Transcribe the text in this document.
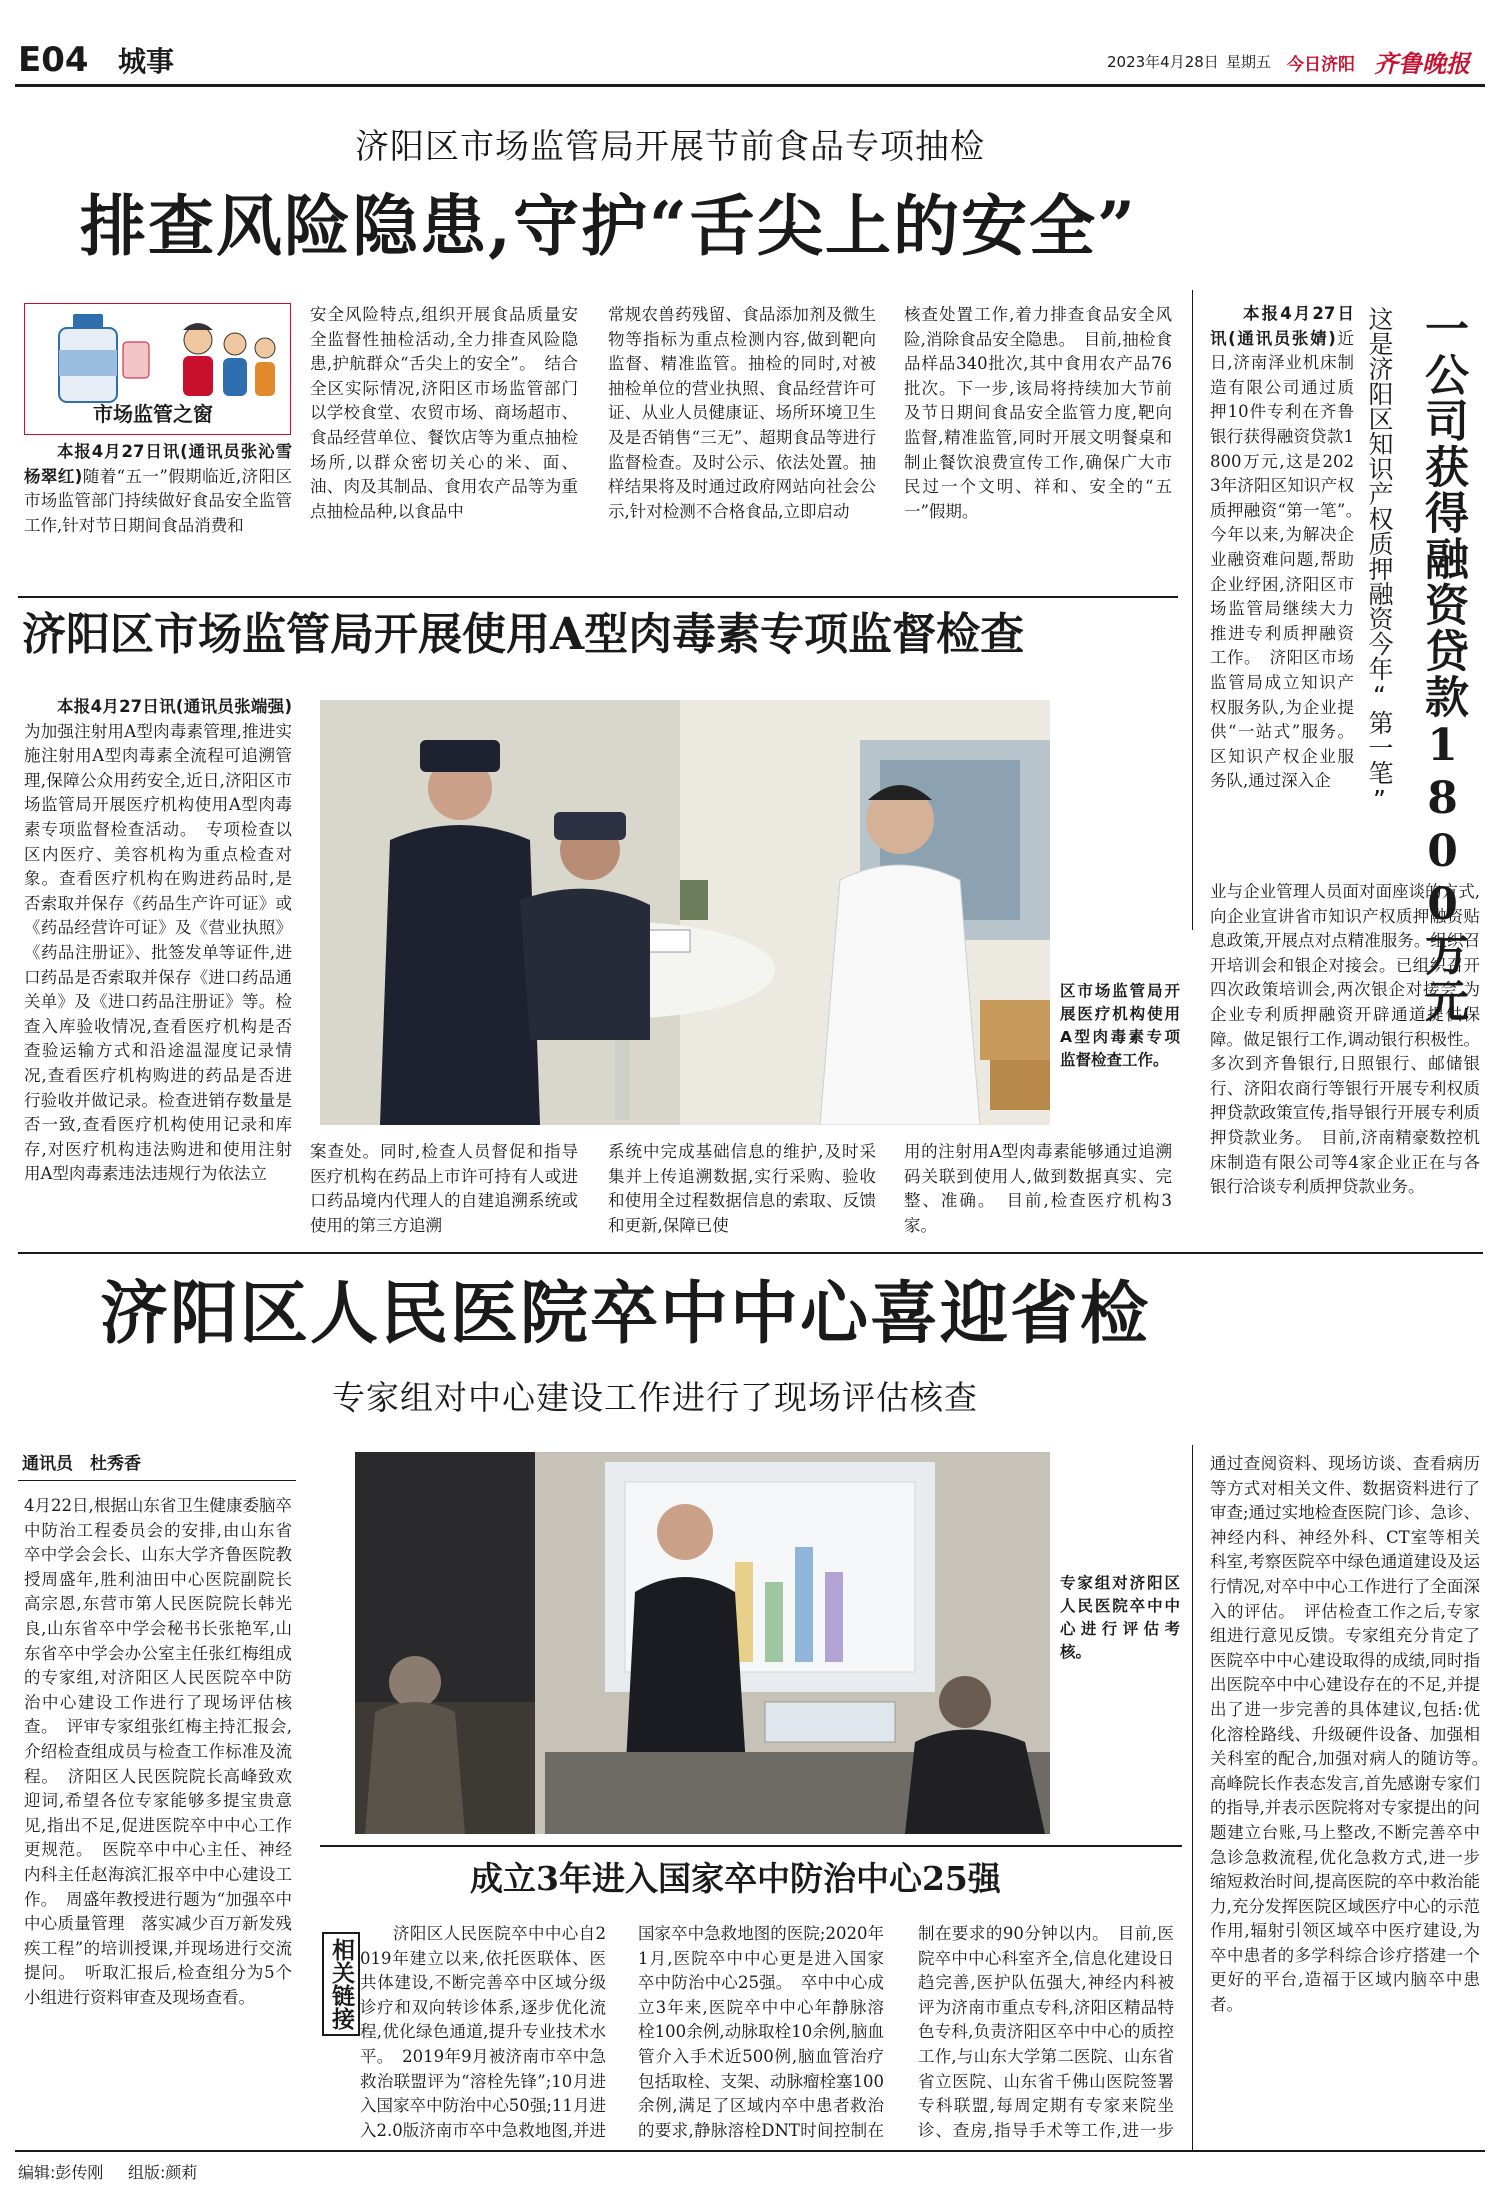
E04 城事	2023年4月28日 星期五 今日济阳 齐鲁晚报
济阳区市场监管局开展节前食品专项抽检
排查风险隐患,守护“舌尖上的安全”
市场监管之窗

本报4月27日讯(通讯员张沁雪 杨翠红)随着“五一”假期临近,济阳区市场监管部门持续做好食品安全监管工作,针对节日期间食品消费和

安全风险特点,组织开展食品质量安全监督性抽检活动,全力排查风险隐患,护航群众“舌尖上的安全”。　结合全区实际情况,济阳区市场监管部门以学校食堂、农贸市场、商场超市、食品经营单位、餐饮店等为重点抽检场所,以群众密切关心的米、面、油、肉及其制品、食用农产品等为重点抽检品种,以食品中

常规农兽药残留、食品添加剂及微生物等指标为重点检测内容,做到靶向监督、精准监管。抽检的同时,对被抽检单位的营业执照、食品经营许可证、从业人员健康证、场所环境卫生及是否销售“三无”、超期食品等进行监督检查。及时公示、依法处置。抽样结果将及时通过政府网站向社会公示,针对检测不合格食品,立即启动

核查处置工作,着力排查食品安全风险,消除食品安全隐患。　目前,抽检食品样品340批次,其中食用农产品76批次。下一步,该局将持续加大节前及节日期间食品安全监管力度,靶向监督,精准监管,同时开展文明餐桌和制止餐饮浪费宣传工作,确保广大市民过一个文明、祥和、安全的“五一”假期。	一公司获得融资贷款1800万元
这是济阳区知识产权质押融资今年“第一笔”

本报4月27日讯(通讯员张婧)近日,济南泽业机床制造有限公司通过质押10件专利在齐鲁银行获得融资贷款1800万元,这是2023年济阳区知识产权质押融资“第一笔”。　今年以来,为解决企业融资难问题,帮助企业纾困,济阳区市场监管局继续大力推进专利质押融资工作。　济阳区市场监管局成立知识产权服务队,为企业提供“一站式”服务。区知识产权企业服务队,通过深入企

业与企业管理人员面对面座谈的方式,向企业宣讲省市知识产权质押融资贴息政策,开展点对点精准服务。组织召开培训会和银企对接会。已组织召开四次政策培训会,两次银企对接会,为企业专利质押融资开辟通道提供保障。做足银行工作,调动银行积极性。多次到齐鲁银行,日照银行、邮储银行、济阳农商行等银行开展专利权质押贷款政策宣传,指导银行开展专利质押贷款业务。　目前,济南精豪数控机床制造有限公司等4家企业正在与各银行洽谈专利质押贷款业务。

济阳区市场监管局开展使用A型肉毒素专项监督检查

本报4月27日讯(通讯员张端强)为加强注射用A型肉毒素管理,推进实施注射用A型肉毒素全流程可追溯管理,保障公众用药安全,近日,济阳区市场监管局开展医疗机构使用A型肉毒素专项监督检查活动。　专项检查以区内医疗、美容机构为重点检查对象。查看医疗机构在购进药品时,是否索取并保存《药品生产许可证》或《药品经营许可证》及《营业执照》《药品注册证》、批签发单等证件,进口药品是否索取并保存《进口药品通关单》及《进口药品注册证》等。检查入库验收情况,查看医疗机构是否查验运输方式和沿途温湿度记录情况,查看医疗机构购进的药品是否进行验收并做记录。检查进销存数量是否一致,查看医疗机构使用记录和库存,对医疗机构违法购进和使用注射用A型肉毒素违法违规行为依法立

区市场监管局开展医疗机构使用A型肉毒素专项监督检查工作。

案查处。同时,检查人员督促和指导医疗机构在药品上市许可持有人或进口药品境内代理人的自建追溯系统或使用的第三方追溯

系统中完成基础信息的维护,及时采集并上传追溯数据,实行采购、验收和使用全过程数据信息的索取、反馈和更新,保障已使

用的注射用A型肉毒素能够通过追溯码关联到使用人,做到数据真实、完整、准确。　目前,检查医疗机构3家。

济阳区人民医院卒中中心喜迎省检
专家组对中心建设工作进行了现场评估核查
通讯员　杜秀香

4月22日,根据山东省卫生健康委脑卒中防治工程委员会的安排,由山东省卒中学会会长、山东大学齐鲁医院教授周盛年,胜利油田中心医院副院长高宗恩,东营市第人民医院院长韩光良,山东省卒中学会秘书长张艳军,山东省卒中学会办公室主任张红梅组成的专家组,对济阳区人民医院卒中防治中心建设工作进行了现场评估核查。　评审专家组张红梅主持汇报会,介绍检查组成员与检查工作标准及流程。　济阳区人民医院院长高峰致欢迎词,希望各位专家能够多提宝贵意见,指出不足,促进医院卒中中心工作更规范。　医院卒中中心主任、神经内科主任赵海滨汇报卒中中心建设工作。　周盛年教授进行题为“加强卒中中心质量管理　落实减少百万新发残疾工程”的培训授课,并现场进行交流提问。　听取汇报后,检查组分为5个小组进行资料审查及现场查看。

专家组对济阳区人民医院卒中中心进行评估考核。

通过查阅资料、现场访谈、查看病历等方式对相关文件、数据资料进行了审查;通过实地检查医院门诊、急诊、神经内科、神经外科、CT室等相关科室,考察医院卒中绿色通道建设及运行情况,对卒中中心工作进行了全面深入的评估。　评估检查工作之后,专家组进行意见反馈。专家组充分肯定了医院卒中中心建设取得的成绩,同时指出医院卒中中心建设存在的不足,并提出了进一步完善的具体建议,包括:优化溶栓路线、升级硬件设备、加强相关科室的配合,加强对病人的随访等。　高峰院长作表态发言,首先感谢专家们的指导,并表示医院将对专家提出的问题建立台账,马上整改,不断完善卒中急诊急救流程,优化急救方式,进一步缩短救治时间,提高医院的卒中救治能力,充分发挥医院区域医疗中心的示范作用,辐射引领区域卒中医疗建设,为卒中患者的多学科综合诊疗搭建一个更好的平台,造福于区域内脑卒中患者。

成立3年进入国家卒中防治中心25强
相关链接

济阳区人民医院卒中中心自2019年建立以来,依托医联体、医共体建设,不断完善卒中区域分级诊疗和双向转诊体系,逐步优化流程,优化绿色通道,提升专业技术水平。　2019年9月被济南市卒中急救治联盟评为“溶栓先锋”;10月进入国家卒中防治中心50强;11月进入2.0版济南市卒中急救地图,并进

国家卒中急救地图的医院;2020年1月,医院卒中中心更是进入国家卒中防治中心25强。　卒中中心成立3年来,医院卒中中心年静脉溶栓100余例,动脉取栓10余例,脑血管介入手术近500例,脑血管治疗包括取栓、支架、动脉瘤栓塞100余例,满足了区域内卒中患者救治的要求,静脉溶栓DNT时间控制在

制在要求的90分钟以内。　目前,医院卒中中心科室齐全,信息化建设日趋完善,医护队伍强大,神经内科被评为济南市重点专科,济阳区精品特色专科,负责济阳区卒中中心的质控工作,与山东大学第二医院、山东省省立医院、山东省千佛山医院签署专科联盟,每周定期有专家来院坐诊、查房,指导手术等工作,进一步

编辑:彭传刚 组版:颜莉
